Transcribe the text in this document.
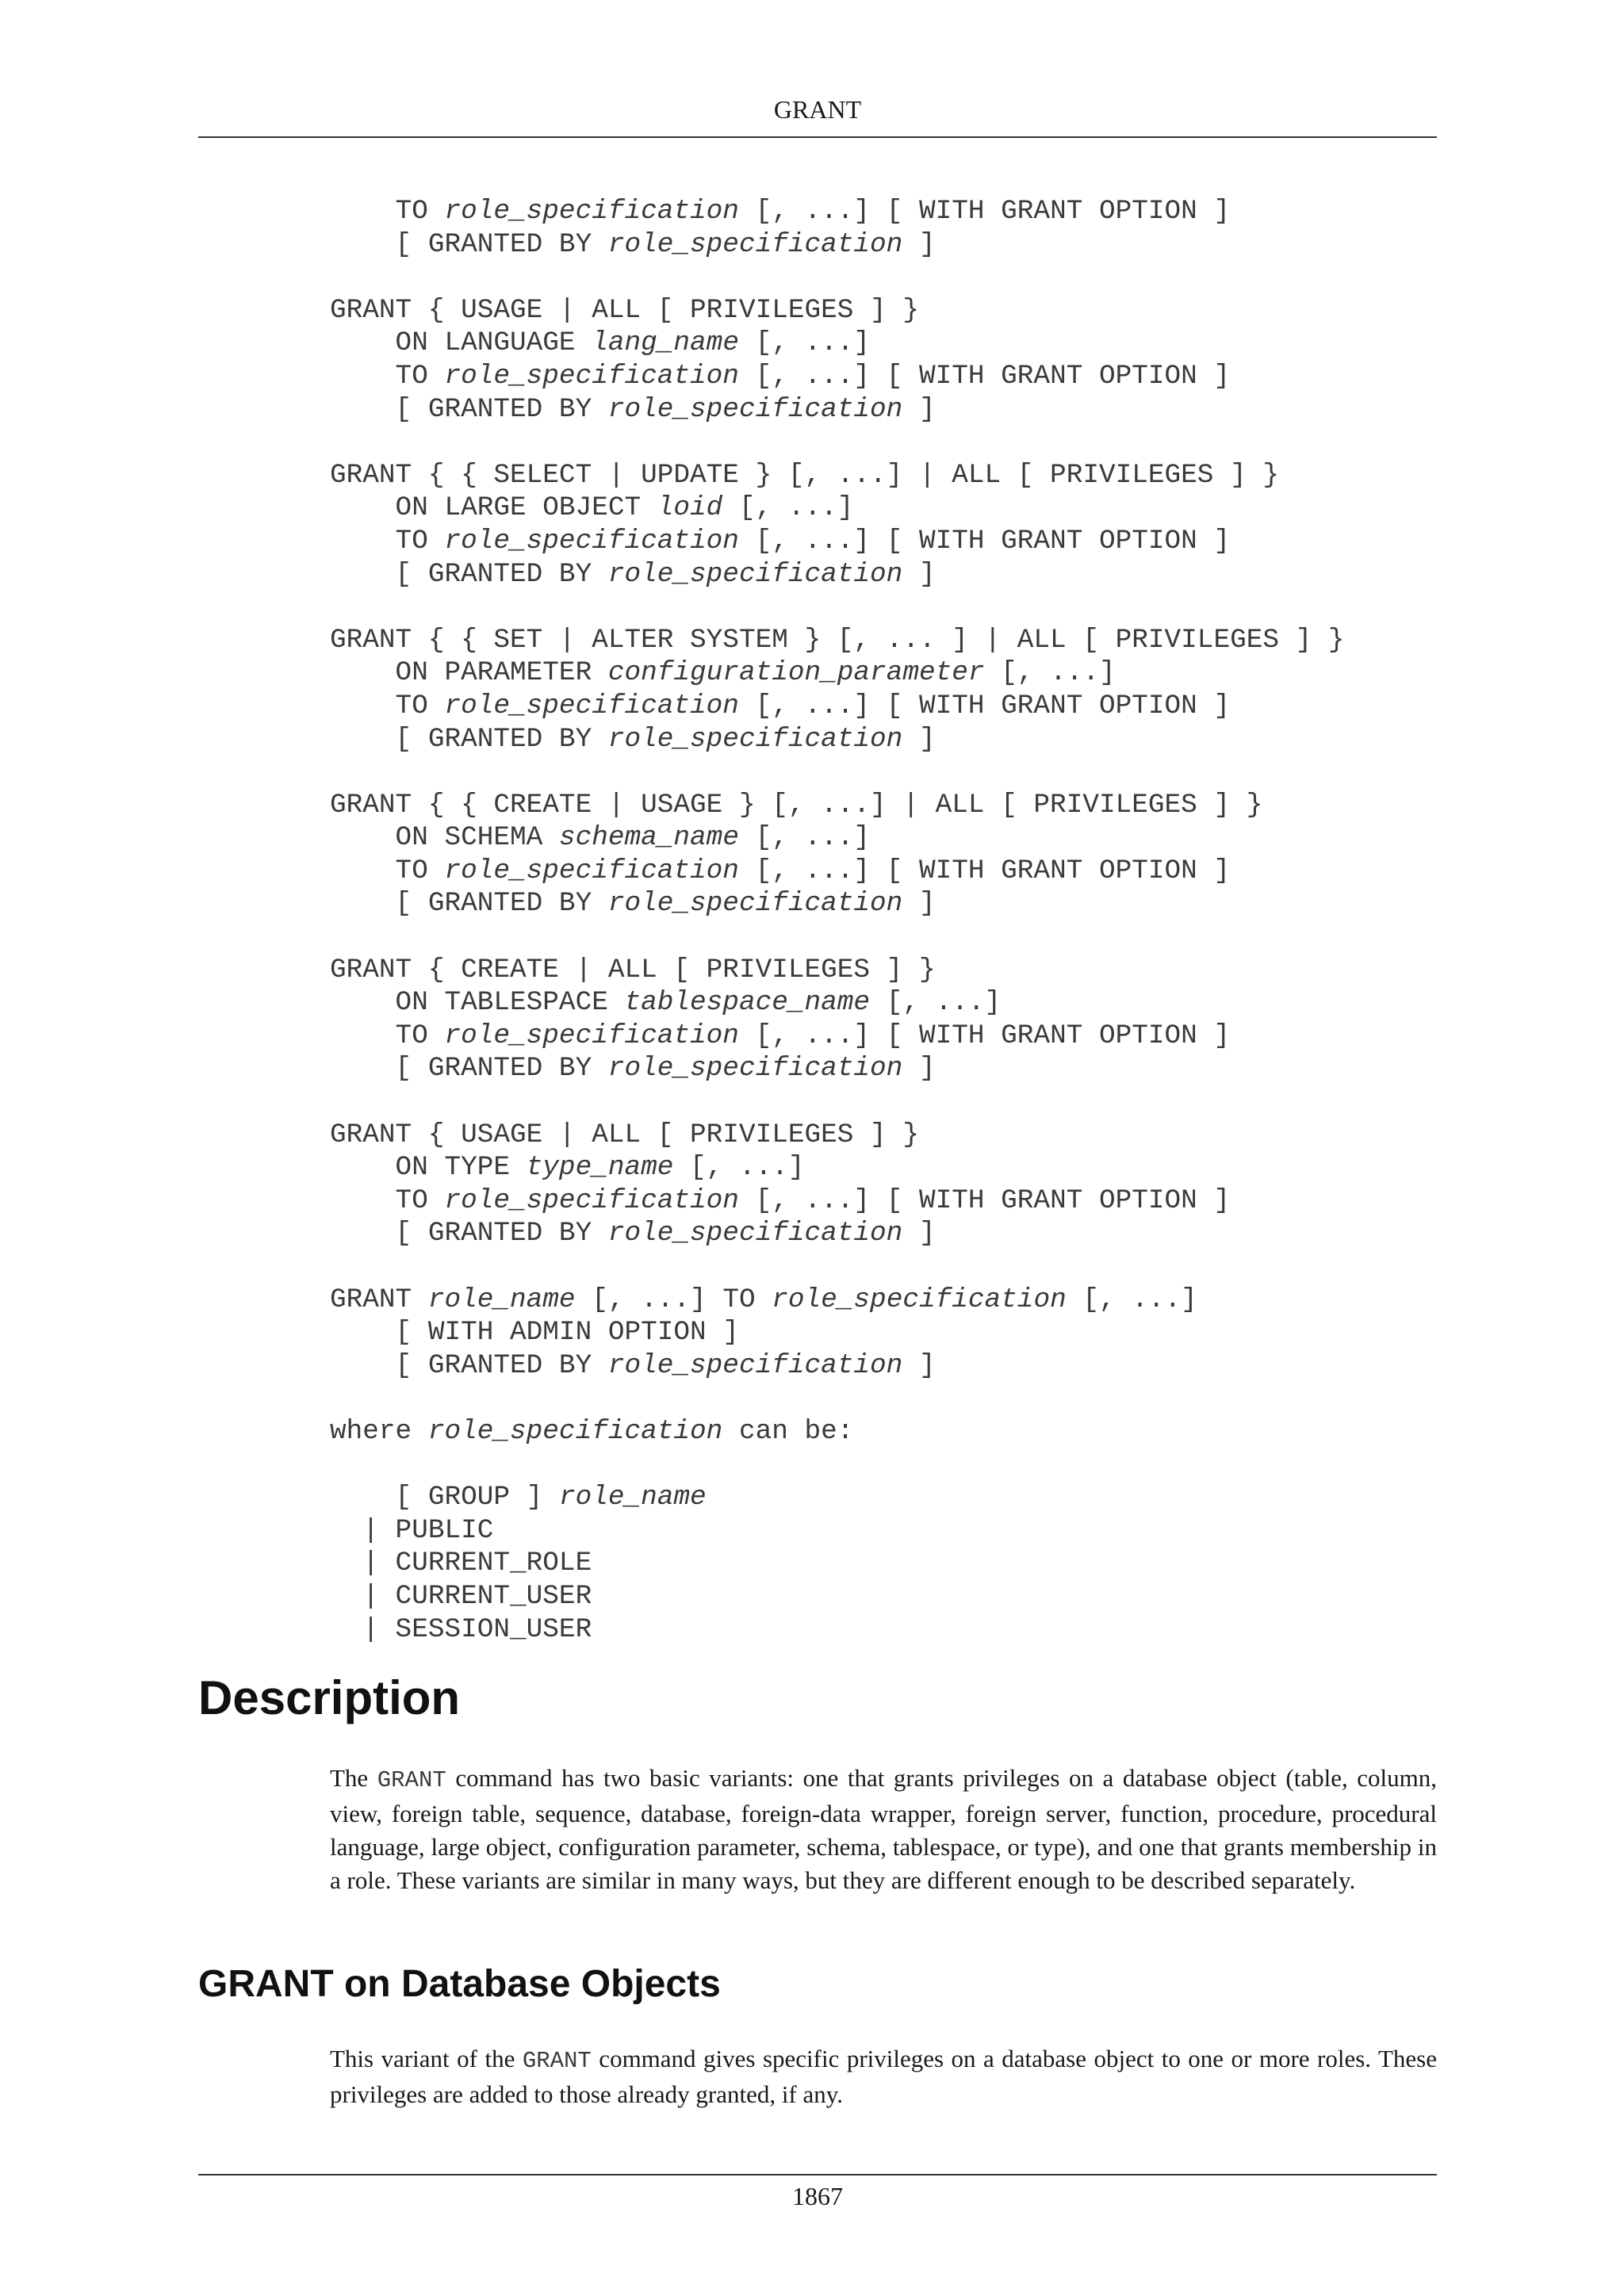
GRANT
TO role_specification [, ...] [ WITH GRANT OPTION ]
[ GRANTED BY role_specification ]
GRANT { USAGE | ALL [ PRIVILEGES ] }
ON LANGUAGE lang_name [, ...]
TO role_specification [, ...] [ WITH GRANT OPTION ]
[ GRANTED BY role_specification ]
GRANT { { SELECT | UPDATE } [, ...] | ALL [ PRIVILEGES ] }
ON LARGE OBJECT loid [, ...]
TO role_specification [, ...] [ WITH GRANT OPTION ]
[ GRANTED BY role_specification ]
GRANT { { SET | ALTER SYSTEM } [, ... ] | ALL [ PRIVILEGES ] }
ON PARAMETER configuration_parameter [, ...]
TO role_specification [, ...] [ WITH GRANT OPTION ]
[ GRANTED BY role_specification ]
GRANT { { CREATE | USAGE } [, ...] | ALL [ PRIVILEGES ] }
ON SCHEMA schema_name [, ...]
TO role_specification [, ...] [ WITH GRANT OPTION ]
[ GRANTED BY role_specification ]
GRANT { CREATE | ALL [ PRIVILEGES ] }
ON TABLESPACE tablespace_name [, ...]
TO role_specification [, ...] [ WITH GRANT OPTION ]
[ GRANTED BY role_specification ]
GRANT { USAGE | ALL [ PRIVILEGES ] }
ON TYPE type_name [, ...]
TO role_specification [, ...] [ WITH GRANT OPTION ]
[ GRANTED BY role_specification ]
GRANT role_name [, ...] TO role_specification [, ...]
[ WITH ADMIN OPTION ]
[ GRANTED BY role_specification ]
where role_specification can be:
[ GROUP ] role_name
| PUBLIC
| CURRENT_ROLE
| CURRENT_USER
| SESSION_USER
Description

The GRANT command has two basic variants: one that grants privileges on a database object (table, column, view, foreign table, sequence, database, foreign-data wrapper, foreign server, function, procedure, procedural language, large object, configuration parameter, schema, tablespace, or type), and one that grants membership in a role. These variants are similar in many ways, but they are different enough to be described separately.

GRANT on Database Objects

This variant of the GRANT command gives specific privileges on a database object to one or more roles. These privileges are added to those already granted, if any.

1867
